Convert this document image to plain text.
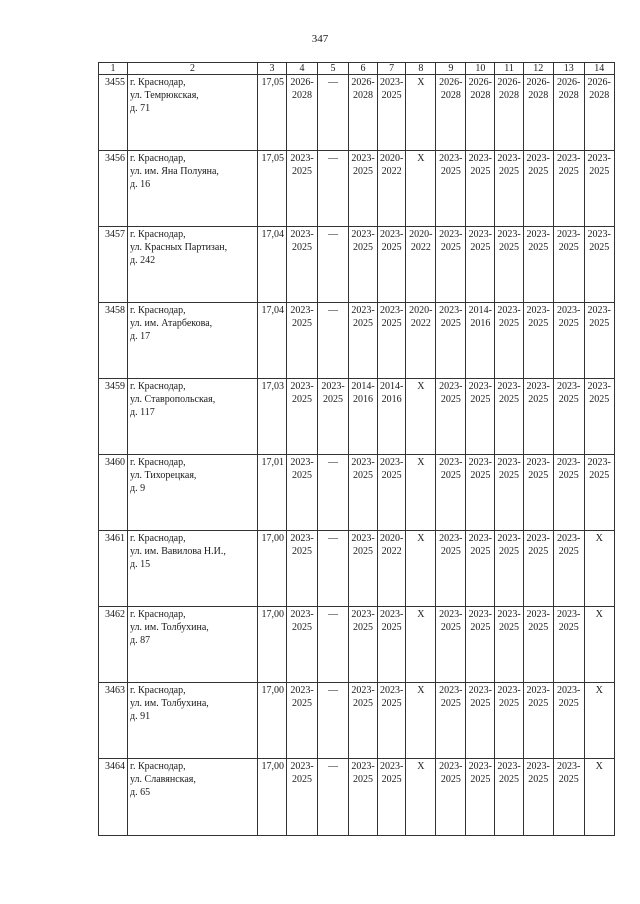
347
1	2	3	4	5	6	7	8	9	10	11	12	13	14
3455	г. Краснодар,
ул. Темрюкская,
д. 71	17,05	2026-2028	—	2026-2028	2023-2025	X	2026-2028	2026-2028	2026-2028	2026-2028	2026-2028	2026-2028
3456	г. Краснодар,
ул. им. Яна Полуяна,
д. 16	17,05	2023-2025	—	2023-2025	2020-2022	X	2023-2025	2023-2025	2023-2025	2023-2025	2023-2025	2023-2025
3457	г. Краснодар,
ул. Красных Партизан,
д. 242	17,04	2023-2025	—	2023-2025	2023-2025	2020-2022	2023-2025	2023-2025	2023-2025	2023-2025	2023-2025	2023-2025
3458	г. Краснодар,
ул. им. Атарбекова,
д. 17	17,04	2023-2025	—	2023-2025	2023-2025	2020-2022	2023-2025	2014-2016	2023-2025	2023-2025	2023-2025	2023-2025
3459	г. Краснодар,
ул. Ставропольская,
д. 117	17,03	2023-2025	2023-2025	2014-2016	2014-2016	X	2023-2025	2023-2025	2023-2025	2023-2025	2023-2025	2023-2025
3460	г. Краснодар,
ул. Тихорецкая,
д. 9	17,01	2023-2025	—	2023-2025	2023-2025	X	2023-2025	2023-2025	2023-2025	2023-2025	2023-2025	2023-2025
3461	г. Краснодар,
ул. им. Вавилова Н.И.,
д. 15	17,00	2023-2025	—	2023-2025	2020-2022	X	2023-2025	2023-2025	2023-2025	2023-2025	2023-2025	X
3462	г. Краснодар,
ул. им. Толбухина,
д. 87	17,00	2023-2025	—	2023-2025	2023-2025	X	2023-2025	2023-2025	2023-2025	2023-2025	2023-2025	X
3463	г. Краснодар,
ул. им. Толбухина,
д. 91	17,00	2023-2025	—	2023-2025	2023-2025	X	2023-2025	2023-2025	2023-2025	2023-2025	2023-2025	X
3464	г. Краснодар,
ул. Славянская,
д. 65	17,00	2023-2025	—	2023-2025	2023-2025	X	2023-2025	2023-2025	2023-2025	2023-2025	2023-2025	X
